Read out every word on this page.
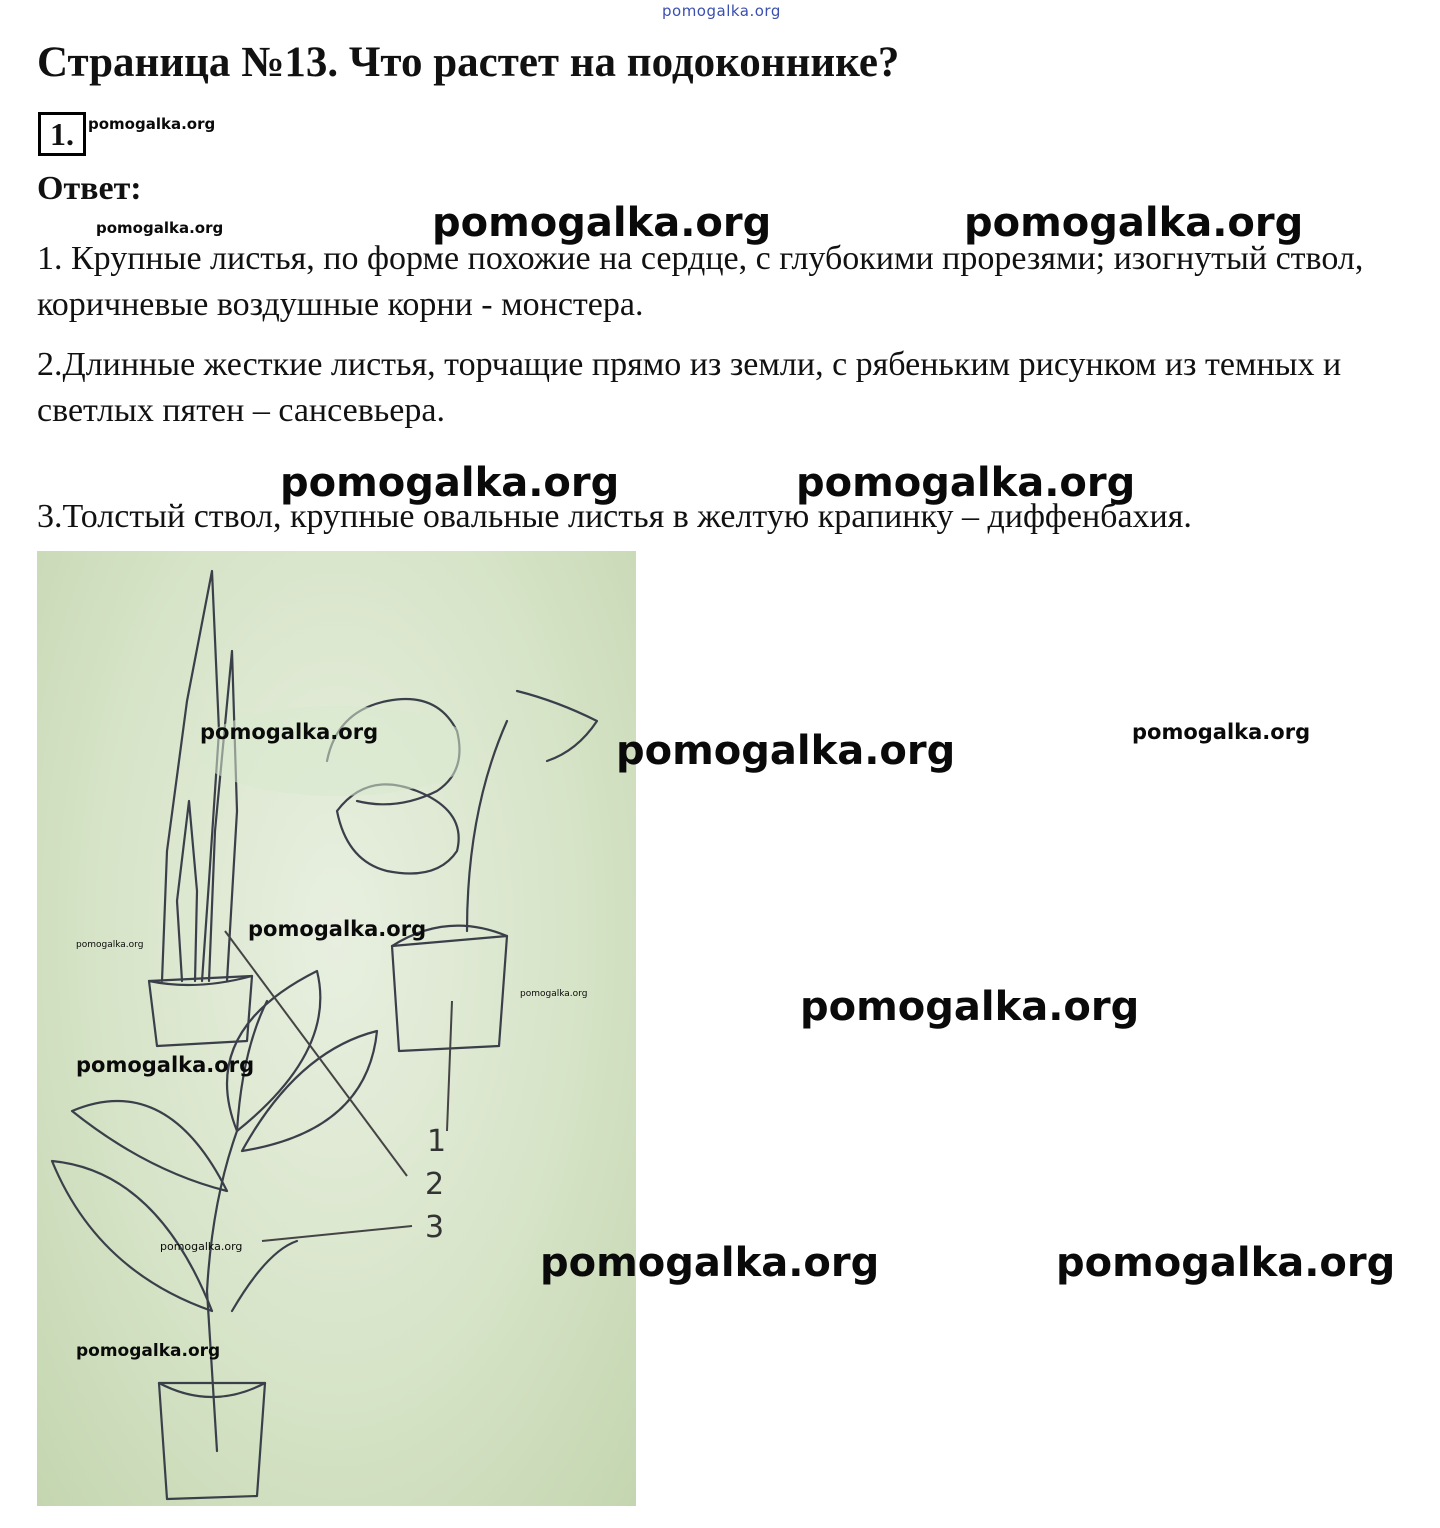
pomogalka.org
Страница №13. Что растет на подоконнике?
1. pomogalka.org
Ответ:
pomogalka.org

1. Крупные листья, по форме похожие на сердце, с глубокими прорезями; изогнутый ствол, коричневые воздушные корни - монстера.

2.Длинные жесткие листья, торчащие прямо из земли, с рябеньким рисунком из темных и светлых пятен – сансевьера.

3.Толстый ствол, крупные овальные листья в желтую крапинку – диффенбахия.

pomogalka.org	pomogalka.org
pomogalka.org	pomogalka.org
1
2
3
pomogalka.org	pomogalka.org	pomogalka.org
pomogalka.org
pomogalka.org
pomogalka.org	pomogalka.org
pomogalka.org
pomogalka.org	pomogalka.org	pomogalka.org
pomogalka.org
